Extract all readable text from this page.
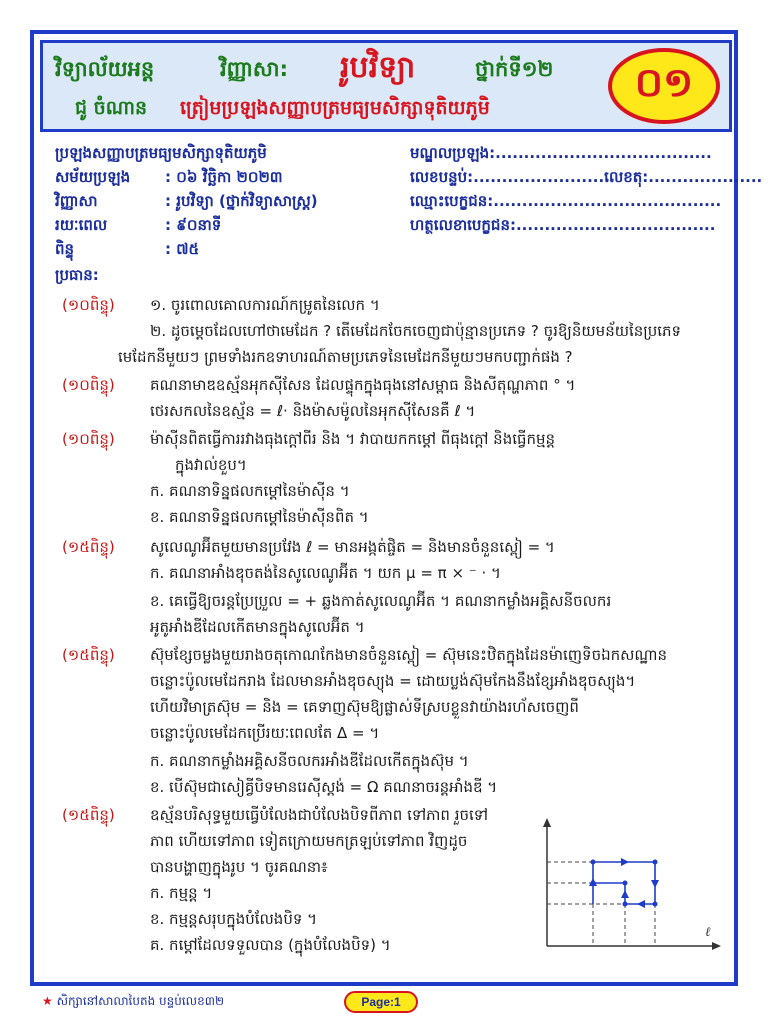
វិទ្យាល័យអន្ត	វិញ្ញាសា: រូបវិទ្យា	ថ្នាក់ទី១២
ជូ ចំណាន ត្រៀមប្រឡងសញ្ញាបត្រមធ្យមសិក្សាទុតិយភូមិ
០១
ប្រឡងសញ្ញាបត្រមធ្យមសិក្សាទុតិយភូមិ	មណ្ឌលប្រឡង:......................................
សម័យប្រឡង : ០៦ វិច្ឆិកា ២០២៣	លេខបន្ទប់:.......................លេខតុ:....................
វិញ្ញាសា	: រូបវិទ្យា (ថ្នាក់វិទ្យាសាស្ត្រ)	ឈ្មោះបេក្ខជន:........................................
រយៈពេល	: ៩០នាទី	ហត្ថលេខាបេក្ខជន:...................................
ពិន្ទុ	: ៧៥
ប្រធាន:
(១០ពិន្ទុ) ១. ចូរពោលគោលការណ៍កម្រូតនៃលេក ។
២. ដូចម្តេចដែលហៅថាមេដែក ? តើមេដែកចែកចេញជាប៉ុន្មានប្រភេទ ? ចូរឱ្យនិយមន័យនៃប្រភេទ
មេដែកនីមួយៗ ព្រមទាំងរកឧទាហរណ៍តាមប្រភេទនៃមេដែកនីមួយៗមកបញ្ជាក់ផង ?
(១០ពិន្ទុ) គណនាមាឌឧស្ម័នអុកស៊ីសែន ដែលផ្ទុកក្នុងធុងនៅសម្ពាធ និងសីតុណ្ហភាព ° ។
ថេរសកលនៃឧស្ម័ន = ℓ· និងម៉ាសម៉ូលនៃអុកស៊ីសែនគឺ ℓ ។
(១០ពិន្ទុ) ម៉ាស៊ីនពិតធ្វើការរវាងធុងក្តៅពីរ និង ។ វាបាយកកម្តៅ ពីធុងក្តៅ និងធ្វើកម្មន្ត
ក្នុងវាល់ខួប។
ក. គណនាទិន្នផលកម្តៅនៃម៉ាស៊ីន ។
ខ. គណនាទិន្នផលកម្តៅនៃម៉ាស៊ីនពិត ។
(១៥ពិន្ទុ) សូលេណូអ៊ីតមួយមានប្រវែង ℓ = មានអង្កត់ផ្ចិត = និងមានចំនួនស្ពៀ = ។
ក. គណនាអាំងឌុចតង់នៃសូលេណូអ៊ីត ។ យក μ = π × ⁻ · ។
ខ. គេធ្វើឱ្យចរន្តប្រែប្រួល = + ឆ្លងកាត់សូលេណូអ៊ីត ។ គណនាកម្លាំងអគ្គិសនីចលករ
អូតូអាំងឌីដែលកើតមានក្នុងសូលេអ៊ីត ។
(១៥ពិន្ទុ) ស៊ុមខ្សែចម្លងមួយរាងចតុកោណកែងមានចំនួនស្ពៀ = ស៊ុមនេះឋិតក្នុងដែនម៉ាញេទិចឯកសណ្ឋាន
ចន្លោះប៉ូលមេដែករាង ដែលមានអាំងឌុចស្យុង = ដោយប្លង់ស៊ុមកែងនឹងខ្សែអាំងឌុចស្យុង។
ហើយវិមាត្រស៊ុម = និង = គេទាញស៊ុមឱ្យផ្លាស់ទីស្របខ្លួនវាយ៉ាងរហ័សចេញពី
ចន្លោះប៉ូលមេដែកប្រើរយៈពេលតែ Δ = ។
ក. គណនាកម្លាំងអគ្គិសនីចលករអាំងឌីដែលកើតក្នុងស៊ុម ។
ខ. បើស៊ុមជាសៀគ្វីបិទមានរេស៊ីស្តង់ = Ω គណនាចរន្តអាំងឌី ។
(១៥ពិន្ទុ) ឧស្ម័នបរិសុទ្ធមួយធ្វើបំលែងជាបំលែងបិទពីភាព ទៅភាព រួចទៅ
ភាព ហើយទៅភាព ទៀតក្រោយមកត្រឡប់ទៅភាព វិញដូច
បានបង្ហាញក្នុងរូប ។ ចូរគណនា៖
ក. កម្មន្ត ។
ខ. កម្មន្តសរុបក្នុងបំលែងបិទ ។
គ. កម្តៅដែលទទួលបាន (ក្នុងបំលែងបិទ) ។
ℓ
★ សិក្សានៅសាលាបៃតង បន្ទប់លេខ៣២	Page:1
